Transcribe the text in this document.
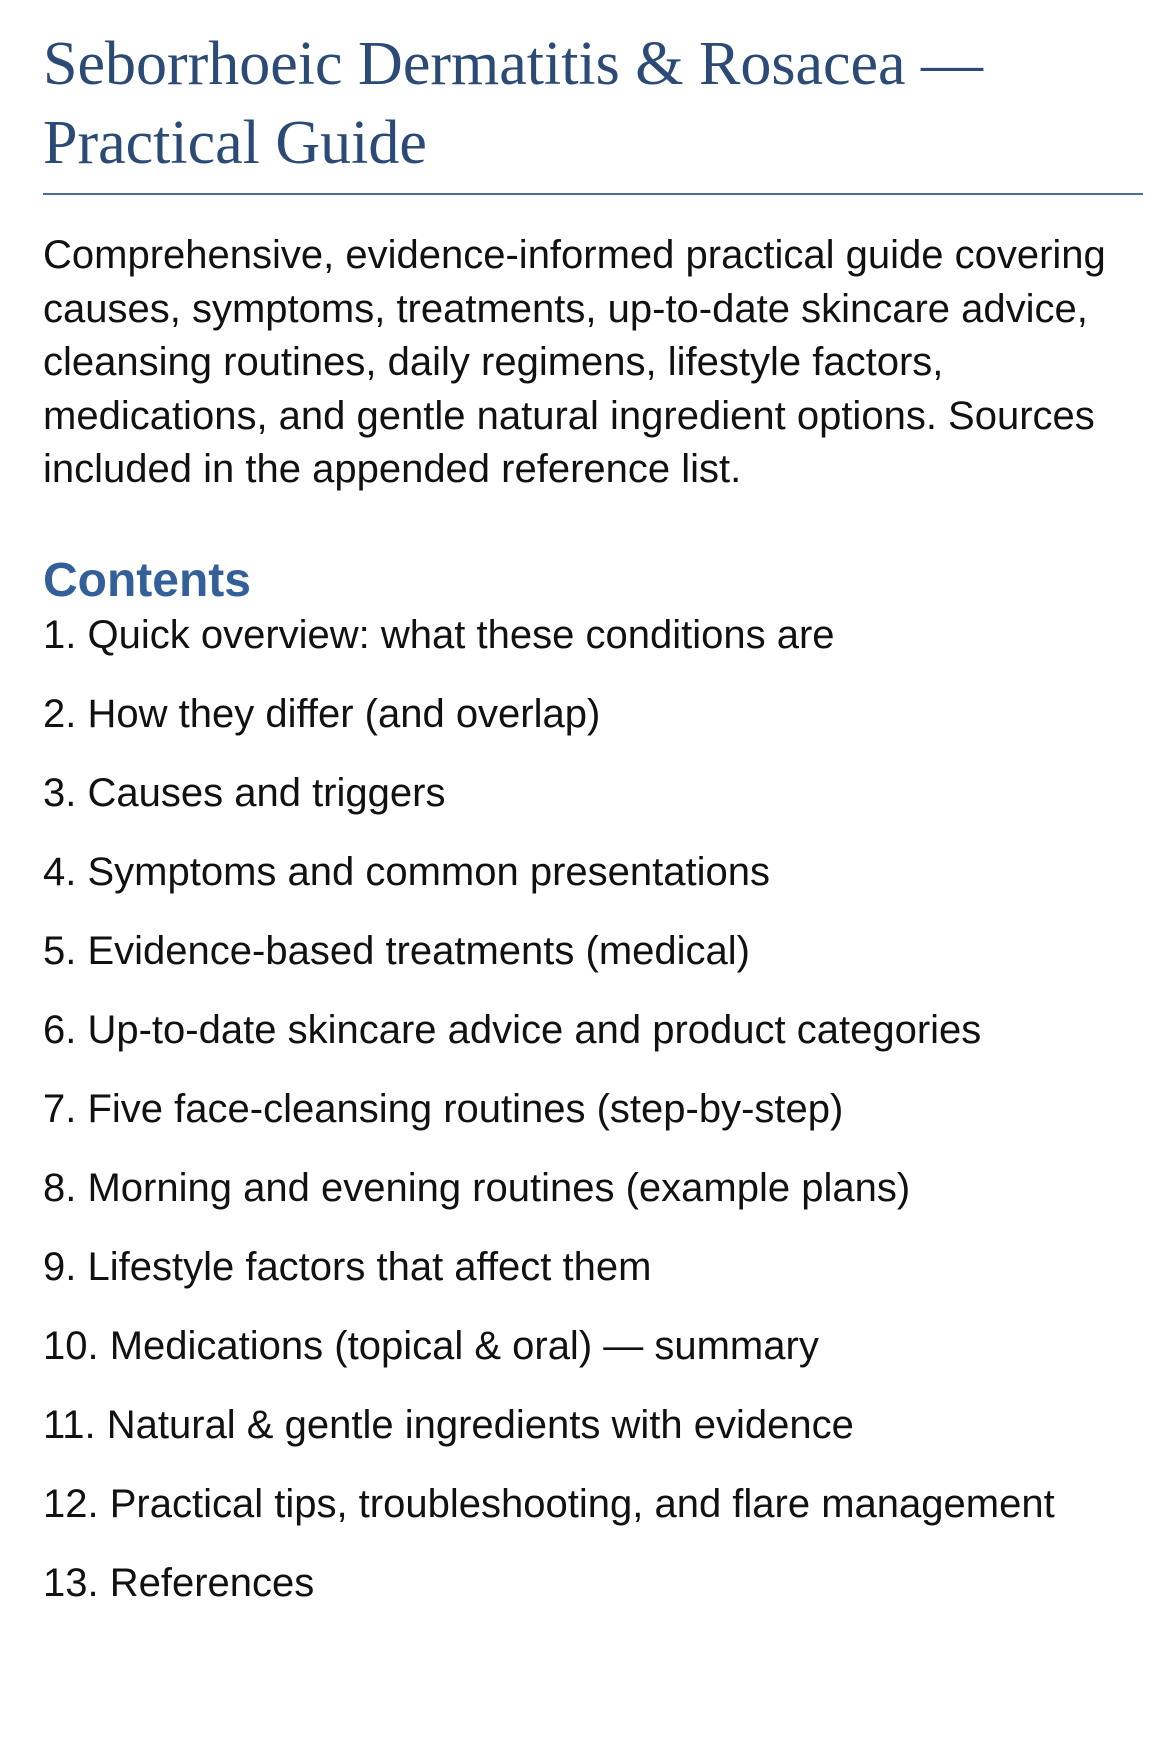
Seborrhoeic Dermatitis & Rosacea — Practical Guide

Comprehensive, evidence-informed practical guide covering causes, symptoms, treatments, up-to-date skincare advice, cleansing routines, daily regimens, lifestyle factors, medications, and gentle natural ingredient options. Sources included in the appended reference list.

Contents
1. Quick overview: what these conditions are
2. How they differ (and overlap)
3. Causes and triggers
4. Symptoms and common presentations
5. Evidence-based treatments (medical)
6. Up-to-date skincare advice and product categories
7. Five face-cleansing routines (step-by-step)
8. Morning and evening routines (example plans)
9. Lifestyle factors that affect them
10. Medications (topical & oral) — summary
11. Natural & gentle ingredients with evidence
12. Practical tips, troubleshooting, and flare management
13. References
